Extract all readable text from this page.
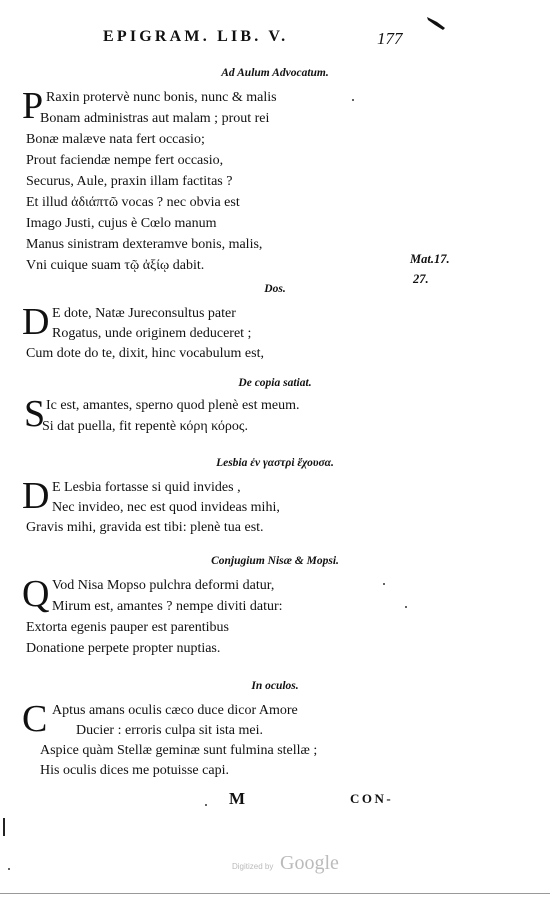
EPIGRAM. LIB. V.	177
Ad Aulum Advocatum.
P Raxin protervè nunc bonis, nunc & malis
Bonam administras aut malam ; prout rei
Bonæ malæve nata fert occasio;
Prout faciendæ nempe fert occasio,
Securus, Aule, praxin illam factitas ?
Et illud ἀδιάπτῶ vocas ? nec obvia est
Imago Justi, cujus è Cœlo manum
Manus sinistram dexteramve bonis, malis,
Vni cuique suam τῷ ἀξίῳ dabit.	Mat.17.
27.
Dos.
D E dote, Natæ Jureconsultus pater
Rogatus, unde originem deduceret ;
Cum dote do te, dixit, hinc vocabulum est,
De copia satiat.
S Ic est, amantes, sperno quod plenè est meum.
Si dat puella, fit repentè κόρη κόρος.
Lesbia ἐν γαστρὶ ἔχουσα.
D E Lesbia fortasse si quid invides ,
Nec invideo, nec est quod invideas mihi,
Gravis mihi, gravida est tibi: plenè tua est.
Conjugium Nisæ & Mopsi.
Q Vod Nisa Mopso pulchra deformi datur,
Mirum est, amantes ? nempe diviti datur:
Extorta egenis pauper est parentibus
Donatione perpete propter nuptias.
In oculos.
C Aptus amans oculis cæco duce dicor Amore
Ducier : erroris culpa sit ista mei.
Aspice quàm Stellæ geminæ sunt fulmina stellæ ;
His oculis dices me potuisse capi.
M	CON-
Digitized by Google
